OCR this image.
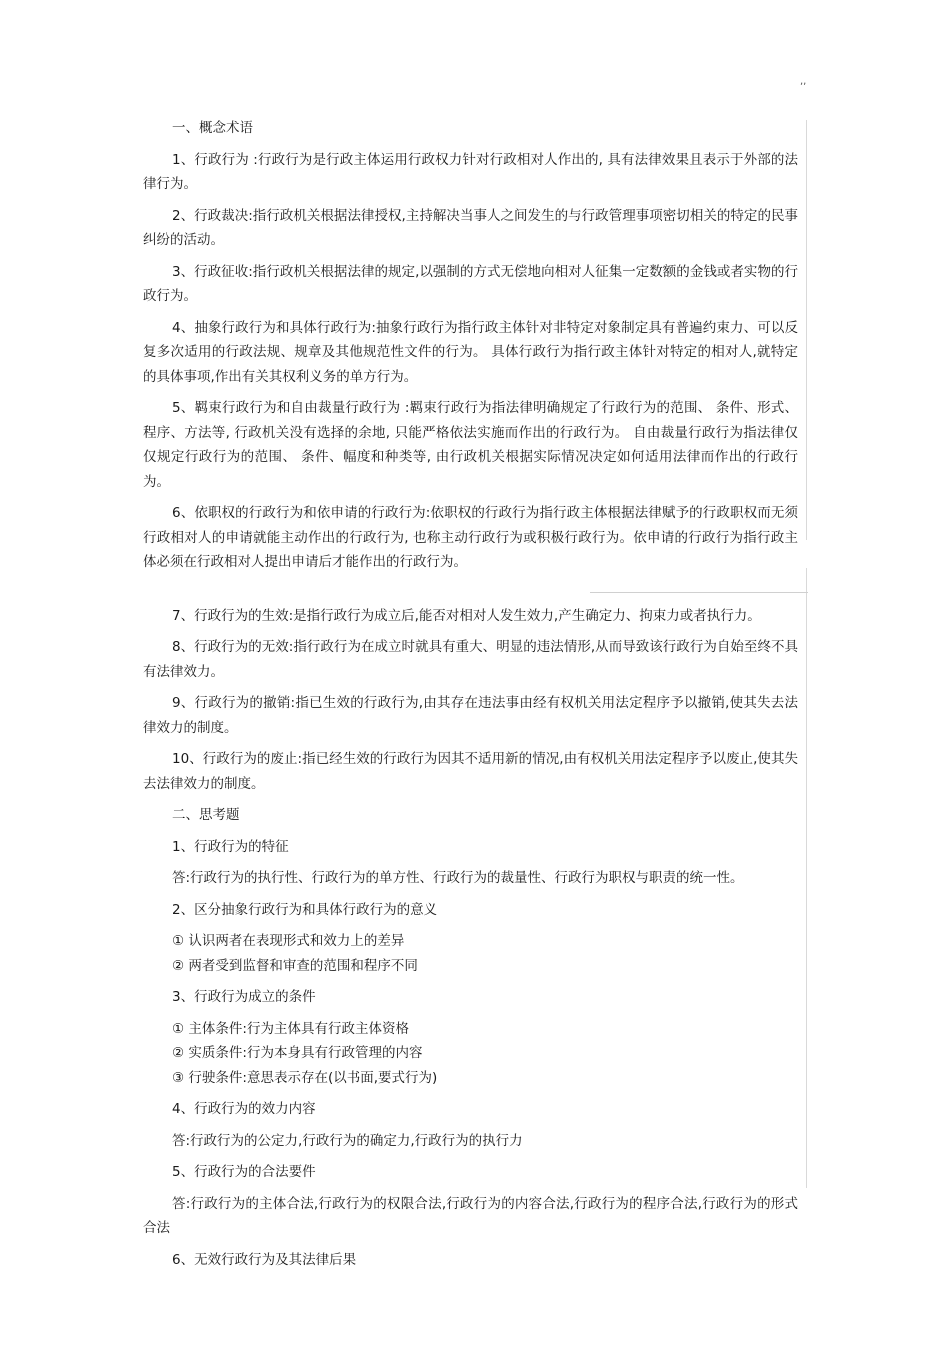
,,

一、概念术语

1、行政行为 :行政行为是行政主体运用行政权力针对行政相对人作出的, 具有法律效果且表示于外部的法律行为。

2、行政裁决:指行政机关根据法律授权,主持解决当事人之间发生的与行政管理事项密切相关的特定的民事纠纷的活动。

3、行政征收:指行政机关根据法律的规定,以强制的方式无偿地向相对人征集一定数额的金钱或者实物的行政行为。

4、抽象行政行为和具体行政行为:抽象行政行为指行政主体针对非特定对象制定具有普遍约束力、可以反复多次适用的行政法规、规章及其他规范性文件的行为。 具体行政行为指行政主体针对特定的相对人,就特定的具体事项,作出有关其权利义务的单方行为。

5、羁束行政行为和自由裁量行政行为 :羁束行政行为指法律明确规定了行政行为的范围、 条件、形式、程序、方法等, 行政机关没有选择的余地, 只能严格依法实施而作出的行政行为。 自由裁量行政行为指法律仅仅规定行政行为的范围、 条件、幅度和种类等, 由行政机关根据实际情况决定如何适用法律而作出的行政行为。

6、依职权的行政行为和依申请的行政行为:依职权的行政行为指行政主体根据法律赋予的行政职权而无须行政相对人的申请就能主动作出的行政行为, 也称主动行政行为或积极行政行为。依申请的行政行为指行政主体必须在行政相对人提出申请后才能作出的行政行为。

7、行政行为的生效:是指行政行为成立后,能否对相对人发生效力,产生确定力、拘束力或者执行力。

8、行政行为的无效:指行政行为在成立时就具有重大、明显的违法情形,从而导致该行政行为自始至终不具有法律效力。

9、行政行为的撤销:指已生效的行政行为,由其存在违法事由经有权机关用法定程序予以撤销,使其失去法律效力的制度。

10、行政行为的废止:指已经生效的行政行为因其不适用新的情况,由有权机关用法定程序予以废止,使其失去法律效力的制度。

二、思考题

1、行政行为的特征

答:行政行为的执行性、行政行为的单方性、行政行为的裁量性、行政行为职权与职责的统一性。

2、区分抽象行政行为和具体行政行为的意义

① 认识两者在表现形式和效力上的差异

② 两者受到监督和审查的范围和程序不同

3、行政行为成立的条件

① 主体条件:行为主体具有行政主体资格

② 实质条件:行为本身具有行政管理的内容

③ 行驶条件:意思表示存在(以书面,要式行为)

4、行政行为的效力内容

答:行政行为的公定力,行政行为的确定力,行政行为的执行力

5、行政行为的合法要件

答:行政行为的主体合法,行政行为的权限合法,行政行为的内容合法,行政行为的程序合法,行政行为的形式合法

6、无效行政行为及其法律后果
